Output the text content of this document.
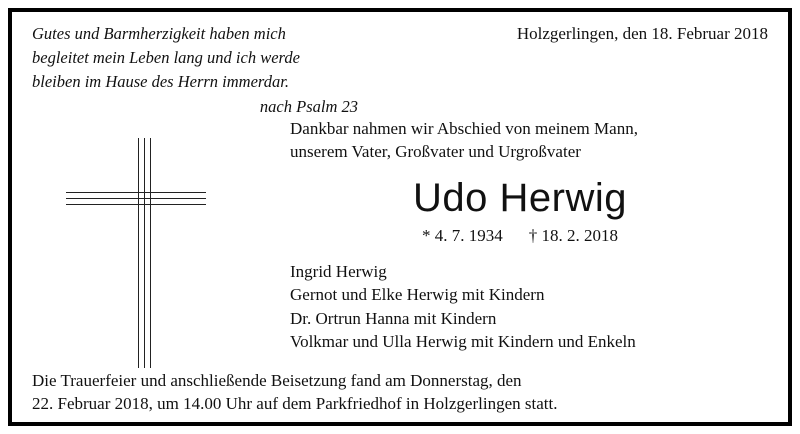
Gutes und Barmherzigkeit haben mich
begleitet mein Leben lang und ich werde
bleiben im Hause des Herrn immerdar.
nach Psalm 23
Holzgerlingen, den 18. Februar 2018
Dankbar nahmen wir Abschied von meinem Mann,
unserem Vater, Großvater und Urgroßvater
Udo Herwig
* 4. 7. 1934 † 18. 2. 2018
Ingrid Herwig
Gernot und Elke Herwig mit Kindern
Dr. Ortrun Hanna mit Kindern
Volkmar und Ulla Herwig mit Kindern und Enkeln
Die Trauerfeier und anschließende Beisetzung fand am Donnerstag, den
22. Februar 2018, um 14.00 Uhr auf dem Parkfriedhof in Holzgerlingen statt.
